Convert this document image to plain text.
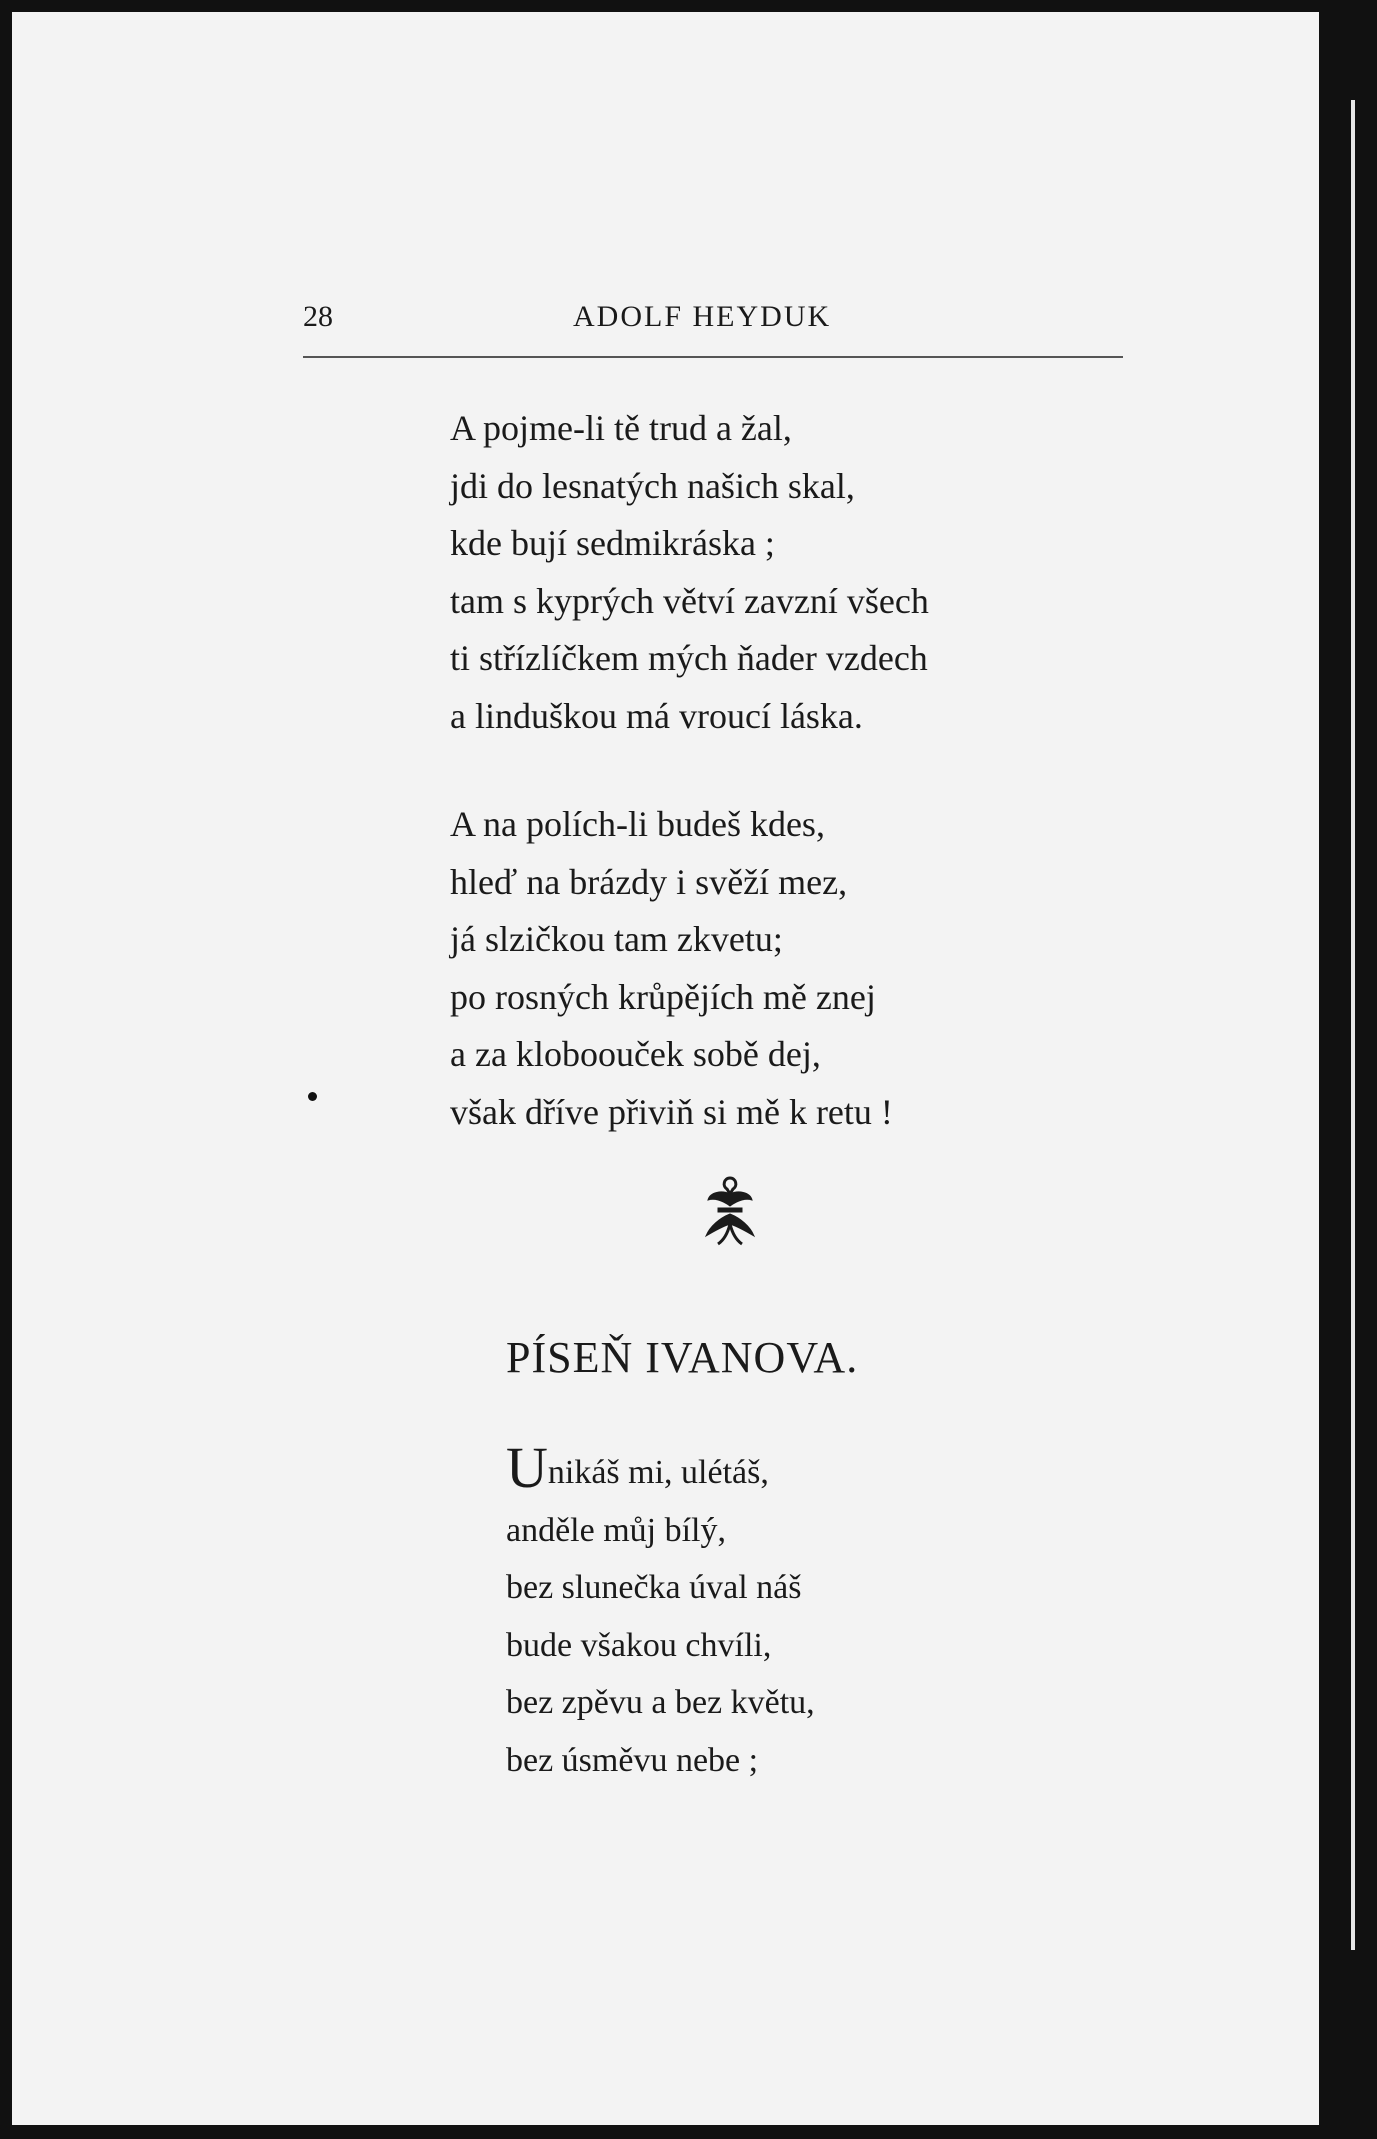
28	ADOLF HEYDUK
A pojme-li tě trud a žal,
jdi do lesnatých našich skal,
kde bují sedmikráska ;
tam s kyprých větví zavzní všech
ti střízlíčkem mých ňader vzdech
a linduškou má vroucí láska.
A na polích-li budeš kdes,
hleď na brázdy i svěží mez,
já slzičkou tam zkvetu;
po rosných krůpějích mě znej
a za kloboouček sobě dej,
však dříve přiviň si mě k retu !
PÍSEŇ IVANOVA.
Unikáš mi, ulétáš,
anděle můj bílý,
bez slunečka úval náš
bude všakou chvíli,
bez zpěvu a bez květu,
bez úsměvu nebe ;
